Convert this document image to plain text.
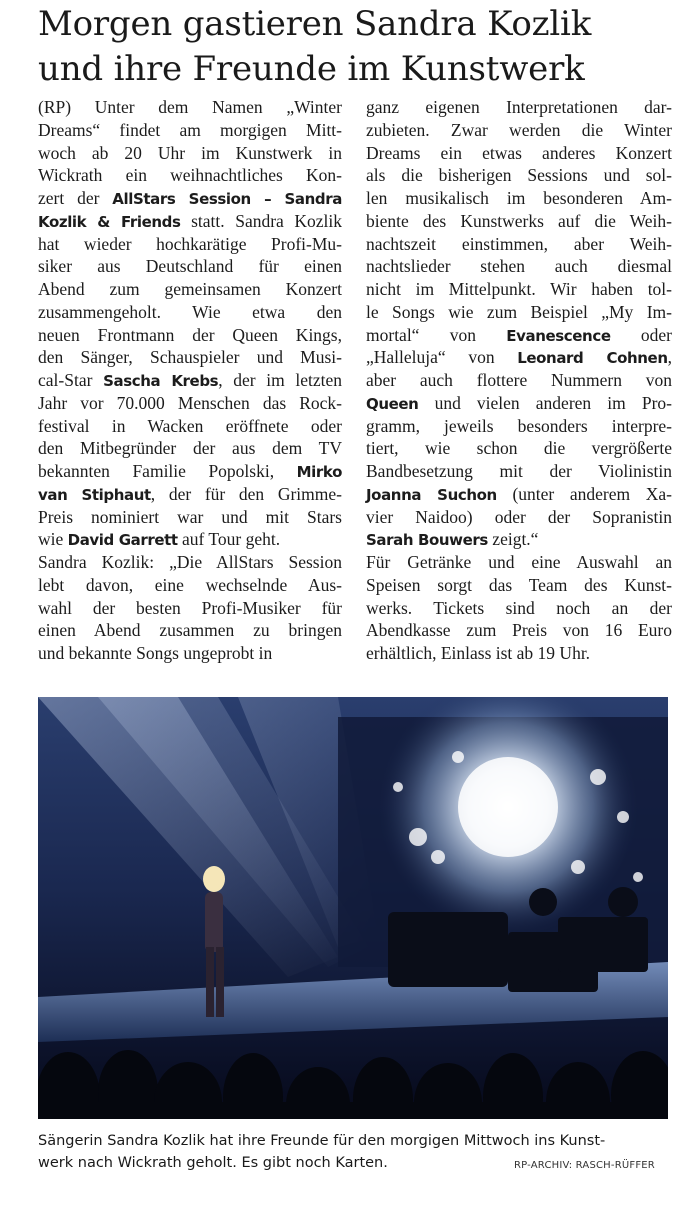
Morgen gastieren Sandra Kozlik
und ihre Freunde im Kunstwerk
(RP) Unter dem Namen „Winter
Dreams“ findet am morgigen Mitt-
woch ab 20 Uhr im Kunstwerk in
Wickrath ein weihnachtliches Kon-
zert der AllStars Session – Sandra
Kozlik & Friends statt. Sandra Kozlik
hat wieder hochkarätige Profi-Mu-
siker aus Deutschland für einen
Abend zum gemeinsamen Konzert
zusammengeholt. Wie etwa den
neuen Frontmann der Queen Kings,
den Sänger, Schauspieler und Musi-
cal-Star Sascha Krebs, der im letzten
Jahr vor 70.000 Menschen das Rock-
festival in Wacken eröffnete oder
den Mitbegründer der aus dem TV
bekannten Familie Popolski, Mirko
van Stiphaut, der für den Grimme-
Preis nominiert war und mit Stars
wie David Garrett auf Tour geht.
Sandra Kozlik: „Die AllStars Session
lebt davon, eine wechselnde Aus-
wahl der besten Profi-Musiker für
einen Abend zusammen zu bringen
und bekannte Songs ungeprobt in
ganz eigenen Interpretationen dar-
zubieten. Zwar werden die Winter
Dreams ein etwas anderes Konzert
als die bisherigen Sessions und sol-
len musikalisch im besonderen Am-
biente des Kunstwerks auf die Weih-
nachtszeit einstimmen, aber Weih-
nachtslieder stehen auch diesmal
nicht im Mittelpunkt. Wir haben tol-
le Songs wie zum Beispiel „My Im-
mortal“ von Evanescence oder
„Halleluja“ von Leonard Cohnen,
aber auch flottere Nummern von
Queen und vielen anderen im Pro-
gramm, jeweils besonders interpre-
tiert, wie schon die vergrößerte
Bandbesetzung mit der Violinistin
Joanna Suchon (unter anderem Xa-
vier Naidoo) oder der Sopranistin
Sarah Bouwers zeigt.“
Für Getränke und eine Auswahl an
Speisen sorgt das Team des Kunst-
werks. Tickets sind noch an der
Abendkasse zum Preis von 16 Euro
erhältlich, Einlass ist ab 19 Uhr.
Sängerin Sandra Kozlik hat ihre Freunde für den morgigen Mittwoch ins Kunst-
werk nach Wickrath geholt. Es gibt noch Karten.	RP-ARCHIV: RASCH-RÜFFER
